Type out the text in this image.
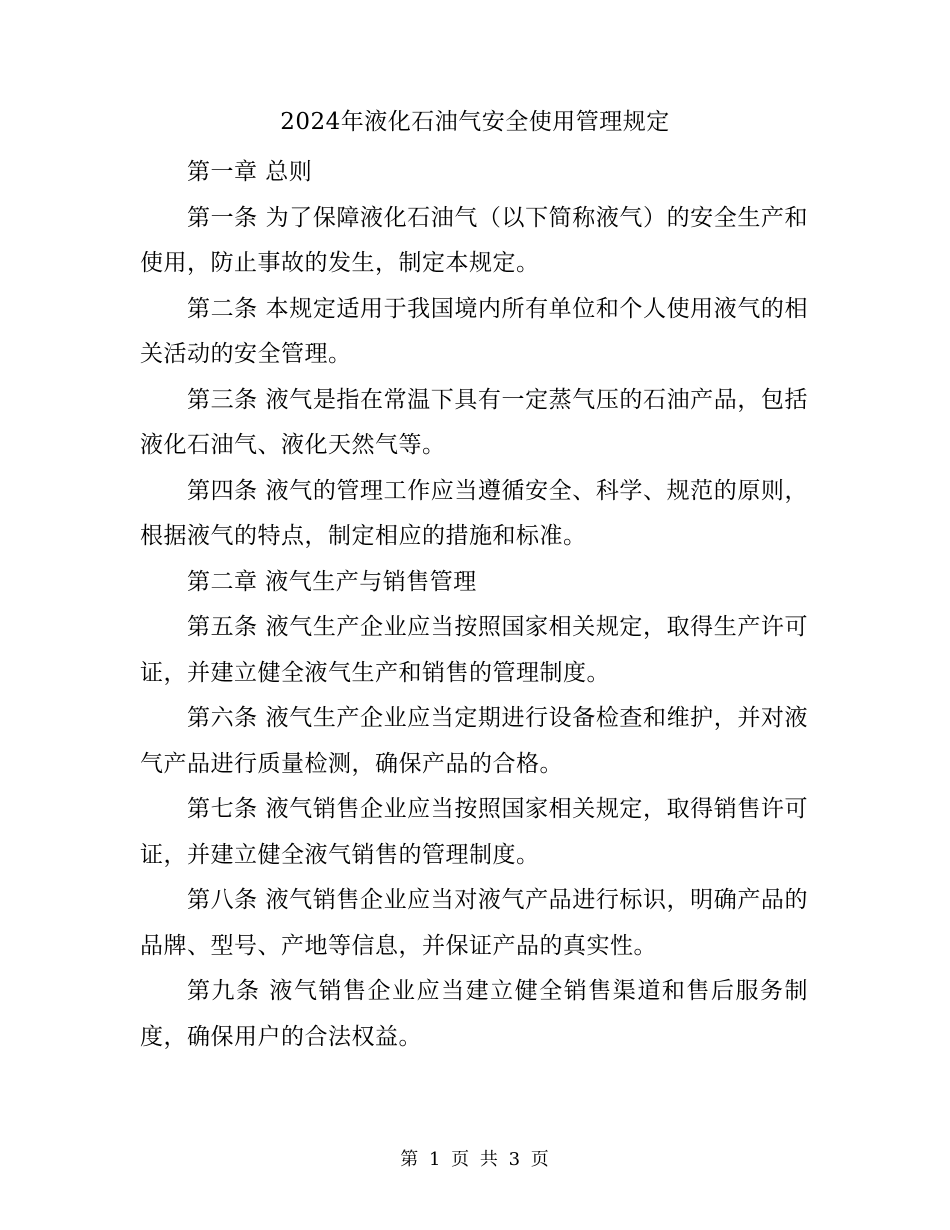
2024年液化石油气安全使用管理规定

第一章 总则

第一条 为了保障液化石油气（以下简称液气）的安全生产和使用，防止事故的发生，制定本规定。

第二条 本规定适用于我国境内所有单位和个人使用液气的相关活动的安全管理。

第三条 液气是指在常温下具有一定蒸气压的石油产品，包括液化石油气、液化天然气等。

第四条 液气的管理工作应当遵循安全、科学、规范的原则，根据液气的特点，制定相应的措施和标准。

第二章 液气生产与销售管理

第五条 液气生产企业应当按照国家相关规定，取得生产许可证，并建立健全液气生产和销售的管理制度。

第六条 液气生产企业应当定期进行设备检查和维护，并对液气产品进行质量检测，确保产品的合格。

第七条 液气销售企业应当按照国家相关规定，取得销售许可证，并建立健全液气销售的管理制度。

第八条 液气销售企业应当对液气产品进行标识，明确产品的品牌、型号、产地等信息，并保证产品的真实性。

第九条 液气销售企业应当建立健全销售渠道和售后服务制度，确保用户的合法权益。

第 1 页 共 3 页
